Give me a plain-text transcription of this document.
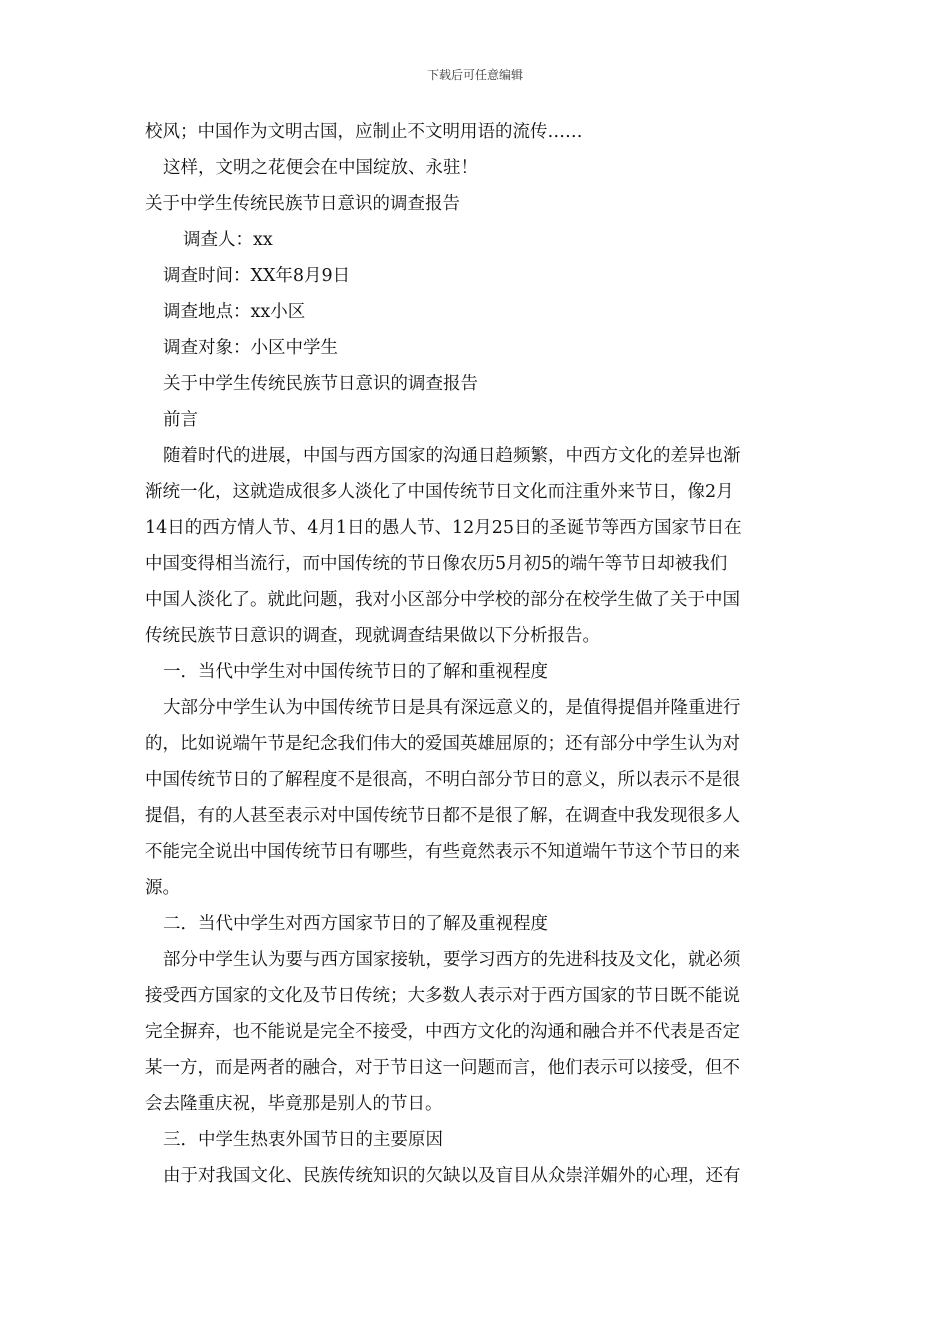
下载后可任意编辑
校风；中国作为文明古国，应制止不文明用语的流传……
这样，文明之花便会在中国绽放、永驻！
关于中学生传统民族节日意识的调查报告
调查人：xx
调查时间：XX年8月9日
调查地点：xx小区
调查对象：小区中学生
关于中学生传统民族节日意识的调查报告
前言
随着时代的进展，中国与西方国家的沟通日趋频繁，中西方文化的差异也渐
渐统一化，这就造成很多人淡化了中国传统节日文化而注重外来节日，像2月
14日的西方情人节、4月1日的愚人节、12月25日的圣诞节等西方国家节日在
中国变得相当流行，而中国传统的节日像农历5月初5的端午等节日却被我们
中国人淡化了。就此问题，我对小区部分中学校的部分在校学生做了关于中国
传统民族节日意识的调查，现就调查结果做以下分析报告。
一．当代中学生对中国传统节日的了解和重视程度
大部分中学生认为中国传统节日是具有深远意义的，是值得提倡并隆重进行
的，比如说端午节是纪念我们伟大的爱国英雄屈原的；还有部分中学生认为对
中国传统节日的了解程度不是很高，不明白部分节日的意义，所以表示不是很
提倡，有的人甚至表示对中国传统节日都不是很了解，在调查中我发现很多人
不能完全说出中国传统节日有哪些，有些竟然表示不知道端午节这个节日的来
源。
二．当代中学生对西方国家节日的了解及重视程度
部分中学生认为要与西方国家接轨，要学习西方的先进科技及文化，就必须
接受西方国家的文化及节日传统；大多数人表示对于西方国家的节日既不能说
完全摒弃，也不能说是完全不接受，中西方文化的沟通和融合并不代表是否定
某一方，而是两者的融合，对于节日这一问题而言，他们表示可以接受，但不
会去隆重庆祝，毕竟那是别人的节日。
三．中学生热衷外国节日的主要原因
由于对我国文化、民族传统知识的欠缺以及盲目从众崇洋媚外的心理，还有
